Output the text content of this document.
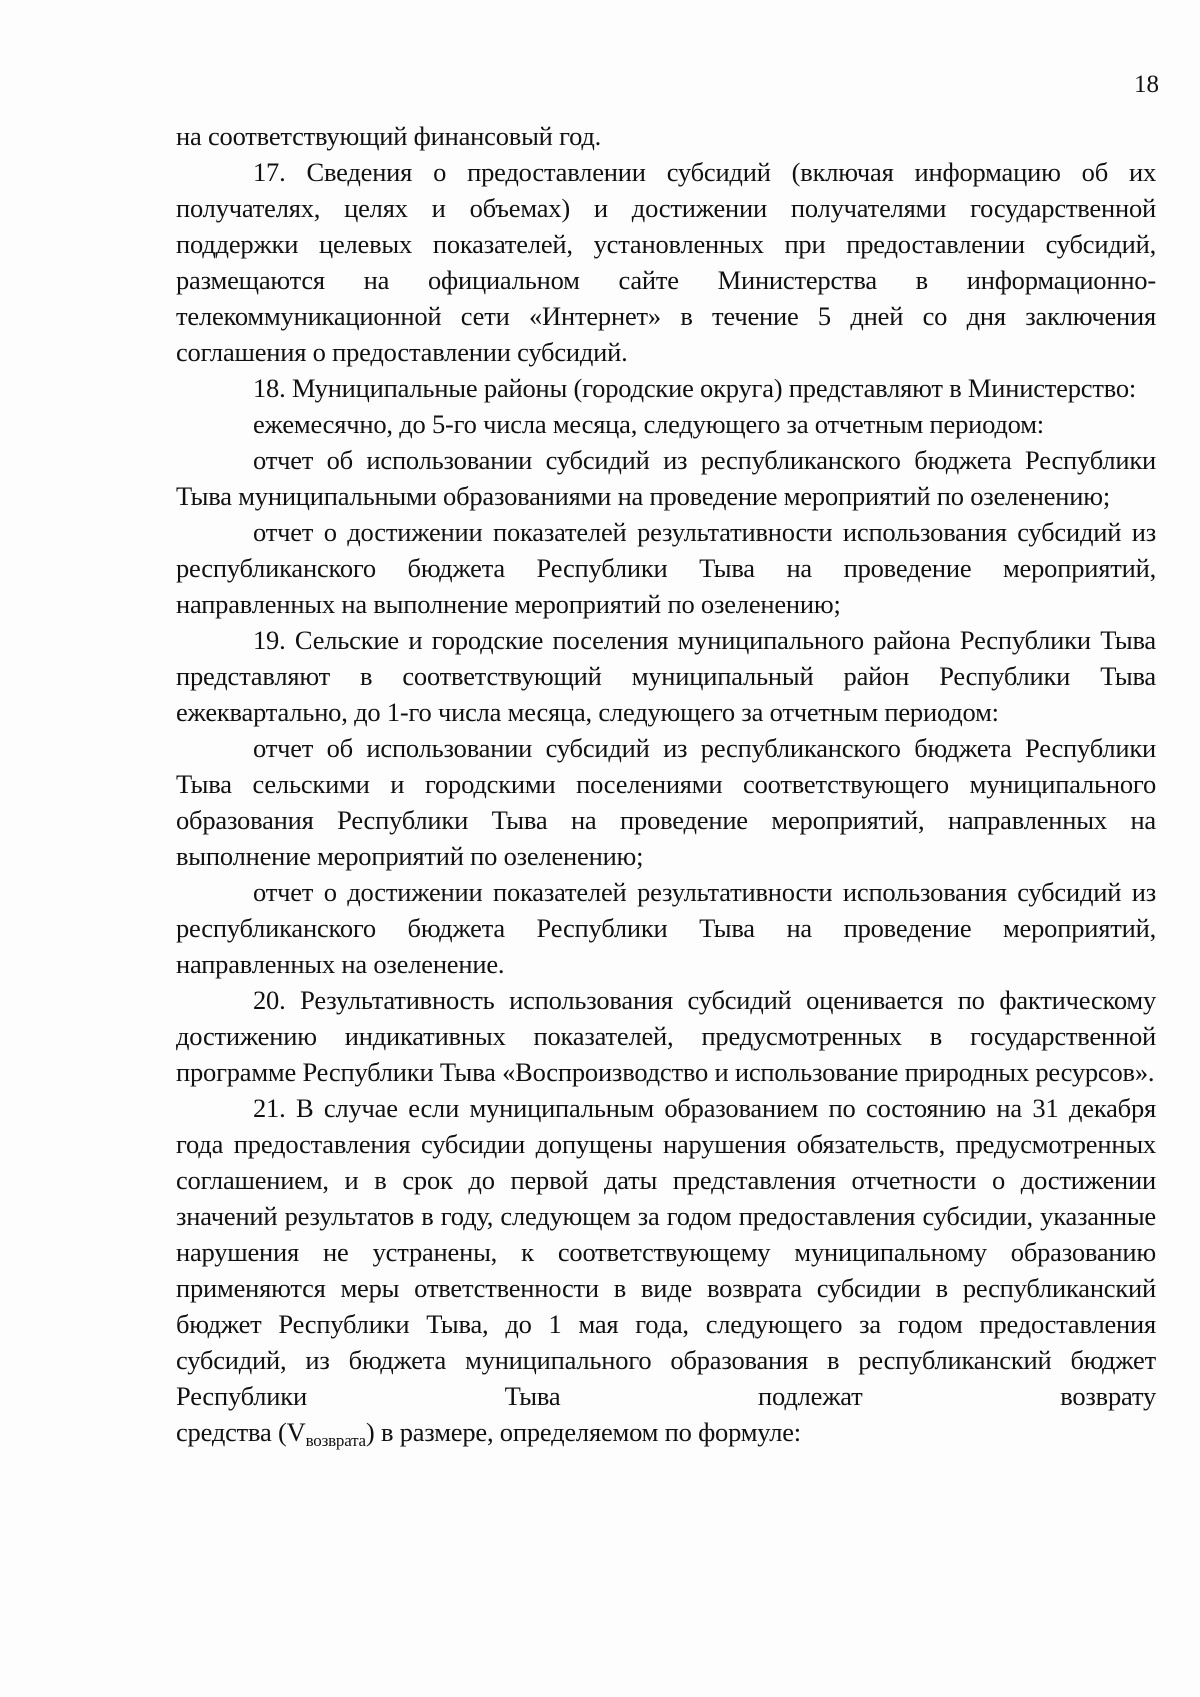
18

на соответствующий финансовый год.

17. Сведения о предоставлении субсидий (включая информацию об их получателях, целях и объемах) и достижении получателями государственной поддержки целевых показателей, установленных при предоставлении субсидий, размещаются на официальном сайте Министерства в информационно-телекоммуникационной сети «Интернет» в течение 5 дней со дня заключения соглашения о предоставлении субсидий.

18. Муниципальные районы (городские округа) представляют в Министерство:

ежемесячно, до 5-го числа месяца, следующего за отчетным периодом:

отчет об использовании субсидий из республиканского бюджета Республики Тыва муниципальными образованиями на проведение мероприятий по озеленению;

отчет о достижении показателей результативности использования субсидий из республиканского бюджета Республики Тыва на проведение мероприятий, направленных на выполнение мероприятий по озеленению;

19. Сельские и городские поселения муниципального района Республики Тыва представляют в соответствующий муниципальный район Республики Тыва ежеквартально, до 1-го числа месяца, следующего за отчетным периодом:

отчет об использовании субсидий из республиканского бюджета Республики Тыва сельскими и городскими поселениями соответствующего муниципального образования Республики Тыва на проведение мероприятий, направленных на выполнение мероприятий по озеленению;

отчет о достижении показателей результативности использования субсидий из республиканского бюджета Республики Тыва на проведение мероприятий, направленных на озеленение.

20. Результативность использования субсидий оценивается по фактическому достижению индикативных показателей, предусмотренных в государственной программе Республики Тыва «Воспроизводство и использование природных ресурсов».

21. В случае если муниципальным образованием по состоянию на 31 декабря года предоставления субсидии допущены нарушения обязательств, предусмотренных соглашением, и в срок до первой даты представления отчетности о достижении значений результатов в году, следующем за годом предоставления субсидии, указанные нарушения не устранены, к соответствующему муниципальному образованию применяются меры ответственности в виде возврата субсидии в республиканский бюджет Республики Тыва, до 1 мая года, следующего за годом предоставления субсидий, из бюджета муниципального образования в республиканский бюджет Республики Тыва подлежат возврату

средства $(V_{возврата})$ в размере, определяемом по формуле:
